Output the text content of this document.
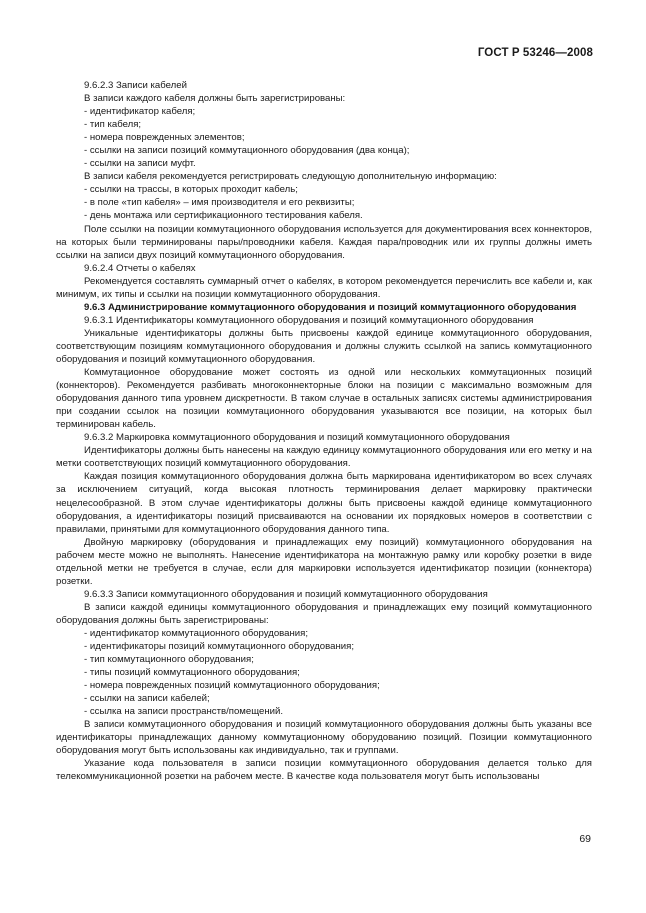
ГОСТ Р 53246—2008

9.6.2.3 Записи кабелей

В записи каждого кабеля должны быть зарегистрированы:

- идентификатор кабеля;

- тип кабеля;

- номера поврежденных элементов;

- ссылки на записи позиций коммутационного оборудования (два конца);

- ссылки на записи муфт.

В записи кабеля рекомендуется регистрировать следующую дополнительную информацию:

- ссылки на трассы, в которых проходит кабель;

- в поле «тип кабеля» – имя производителя и его реквизиты;

- день монтажа или сертификационного тестирования кабеля.

Поле ссылки на позиции коммутационного оборудования используется для документирования всех коннекторов, на которых были терминированы пары/проводники кабеля. Каждая пара/проводник или их группы должны иметь ссылки на записи двух позиций коммутационного оборудования.

9.6.2.4 Отчеты о кабелях

Рекомендуется составлять суммарный отчет о кабелях, в котором рекомендуется перечислить все кабели и, как минимум, их типы и ссылки на позиции коммутационного оборудования.

9.6.3 Администрирование коммутационного оборудования и позиций коммутационного оборудования

9.6.3.1 Идентификаторы коммутационного оборудования и позиций коммутационного оборудования

Уникальные идентификаторы должны быть присвоены каждой единице коммутационного оборудования, соответствующим позициям коммутационного оборудования и должны служить ссылкой на запись коммутационного оборудования и позиций коммутационного оборудования.

Коммутационное оборудование может состоять из одной или нескольких коммутационных позиций (коннекторов). Рекомендуется разбивать многоконнекторные блоки на позиции с максимально возможным для оборудования данного типа уровнем дискретности. В таком случае в остальных записях системы администрирования при создании ссылок на позиции коммутационного оборудования указываются все позиции, на которых был терминирован кабель.

9.6.3.2 Маркировка коммутационного оборудования и позиций коммутационного оборудования

Идентификаторы должны быть нанесены на каждую единицу коммутационного оборудования или его метку и на метки соответствующих позиций коммутационного оборудования.

Каждая позиция коммутационного оборудования должна быть маркирована идентификатором во всех случаях за исключением ситуаций, когда высокая плотность терминирования делает маркировку практически нецелесообразной. В этом случае идентификаторы должны быть присвоены каждой единице коммутационного оборудования, а идентификаторы позиций присваиваются на основании их порядковых номеров в соответствии с правилами, принятыми для коммутационного оборудования данного типа.

Двойную маркировку (оборудования и принадлежащих ему позиций) коммутационного оборудования на рабочем месте можно не выполнять. Нанесение идентификатора на монтажную рамку или коробку розетки в виде отдельной метки не требуется в случае, если для маркировки используется идентификатор позиции (коннектора) розетки.

9.6.3.3 Записи коммутационного оборудования и позиций коммутационного оборудования

В записи каждой единицы коммутационного оборудования и принадлежащих ему позиций коммутационного оборудования должны быть зарегистрированы:

- идентификатор коммутационного оборудования;

- идентификаторы позиций коммутационного оборудования;

- тип коммутационного оборудования;

- типы позиций коммутационного оборудования;

- номера поврежденных позиций коммутационного оборудования;

- ссылки на записи кабелей;

- ссылка на записи пространств/помещений.

В записи коммутационного оборудования и позиций коммутационного оборудования должны быть указаны все идентификаторы принадлежащих данному коммутационному оборудованию позиций. Позиции коммутационного оборудования могут быть использованы как индивидуально, так и группами.

Указание кода пользователя в записи позиции коммутационного оборудования делается только для телекоммуникационной розетки на рабочем месте. В качестве кода пользователя могут быть использованы

69
